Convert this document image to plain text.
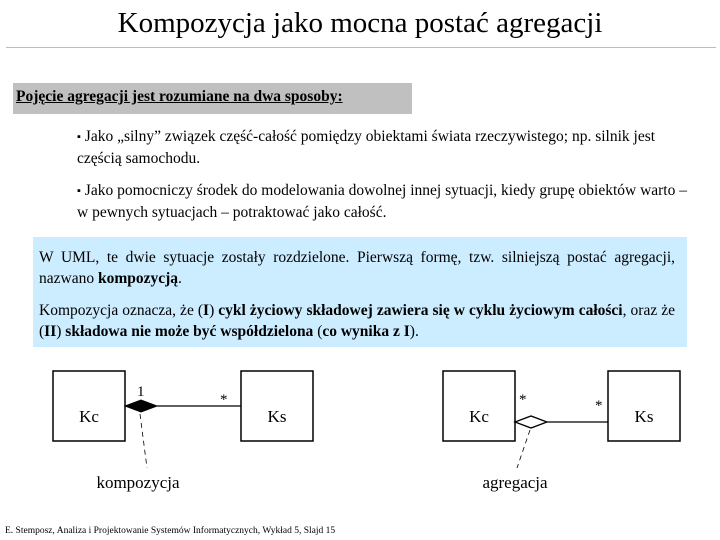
Kompozycja jako mocna postać agregacji
Pojęcie agregacji jest rozumiane na dwa sposoby:
▪ Jako „silny” związek część-całość pomiędzy obiektami świata rzeczywistego; np. silnik jest częścią samochodu.
▪ Jako pomocniczy środek do modelowania dowolnej innej sytuacji, kiedy grupę obiektów warto – w pewnych sytuacjach – potraktować jako całość.

W UML, te dwie sytuacje zostały rozdzielone. Pierwszą formę, tzw. silniejszą postać agregacji, nazwano kompozycją.

Kompozycja oznacza, że (I) cykl życiowy składowej zawiera się w cyklu życiowym całości, oraz że (II) składowa nie może być współdzielona (co wynika z I).

Kc	Ks
1	*
kompozycja
Kc	Ks
*	*
agregacja
E. Stemposz, Analiza i Projektowanie Systemów Informatycznych, Wykład 5, Slajd 15
